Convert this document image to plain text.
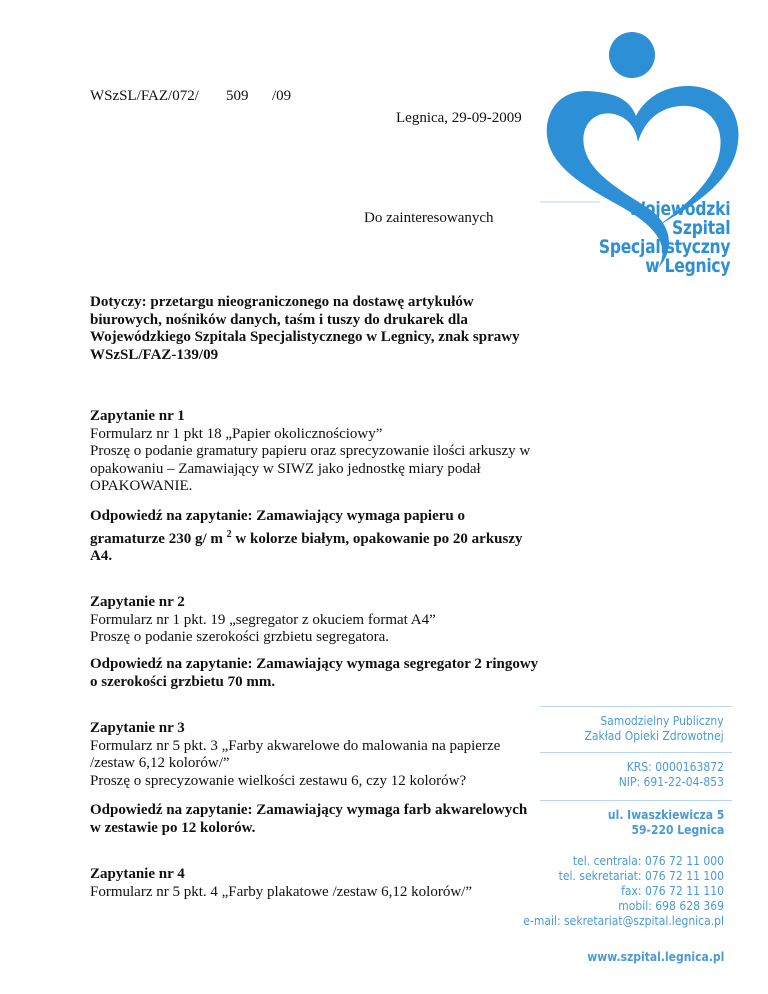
WSzSL/FAZ/072/ 509 /09
Legnica, 29-09-2009
Do zainteresowanych
Dotyczy: przetargu nieograniczonego na dostawę artykułów
biurowych, nośników danych, taśm i tuszy do drukarek dla
Wojewódzkiego Szpitala Specjalistycznego w Legnicy, znak sprawy
WSzSL/FAZ-139/09
Zapytanie nr 1
Formularz nr 1 pkt 18 „Papier okolicznościowy”
Proszę o podanie gramatury papieru oraz sprecyzowanie ilości arkuszy w
opakowaniu – Zamawiający w SIWZ jako jednostkę miary podał
OPAKOWANIE.
Odpowiedź na zapytanie: Zamawiający wymaga papieru o
gramaturze 230 g/ m $^2$ w kolorze białym, opakowanie po 20 arkuszy
A4.
Zapytanie nr 2
Formularz nr 1 pkt. 19 „segregator z okuciem format A4”
Proszę o podanie szerokości grzbietu segregatora.
Odpowiedź na zapytanie: Zamawiający wymaga segregator 2 ringowy
o szerokości grzbietu 70 mm.
Zapytanie nr 3
Formularz nr 5 pkt. 3 „Farby akwarelowe do malowania na papierze
/zestaw 6,12 kolorów/”
Proszę o sprecyzowanie wielkości zestawu 6, czy 12 kolorów?
Odpowiedź na zapytanie: Zamawiający wymaga farb akwarelowych
w zestawie po 12 kolorów.
Zapytanie nr 4
Formularz nr 5 pkt. 4 „Farby plakatowe /zestaw 6,12 kolorów/”
Wojewódzki
Szpital
Specjalistyczny
w Legnicy
Samodzielny Publiczny
Zakład Opieki Zdrowotnej
KRS: 0000163872
NIP: 691-22-04-853
ul. Iwaszkiewicza 5
59-220 Legnica
tel. centrala: 076 72 11 000
tel. sekretariat: 076 72 11 100
fax: 076 72 11 110
mobil: 698 628 369
e-mail: sekretariat@szpital.legnica.pl
www.szpital.legnica.pl
